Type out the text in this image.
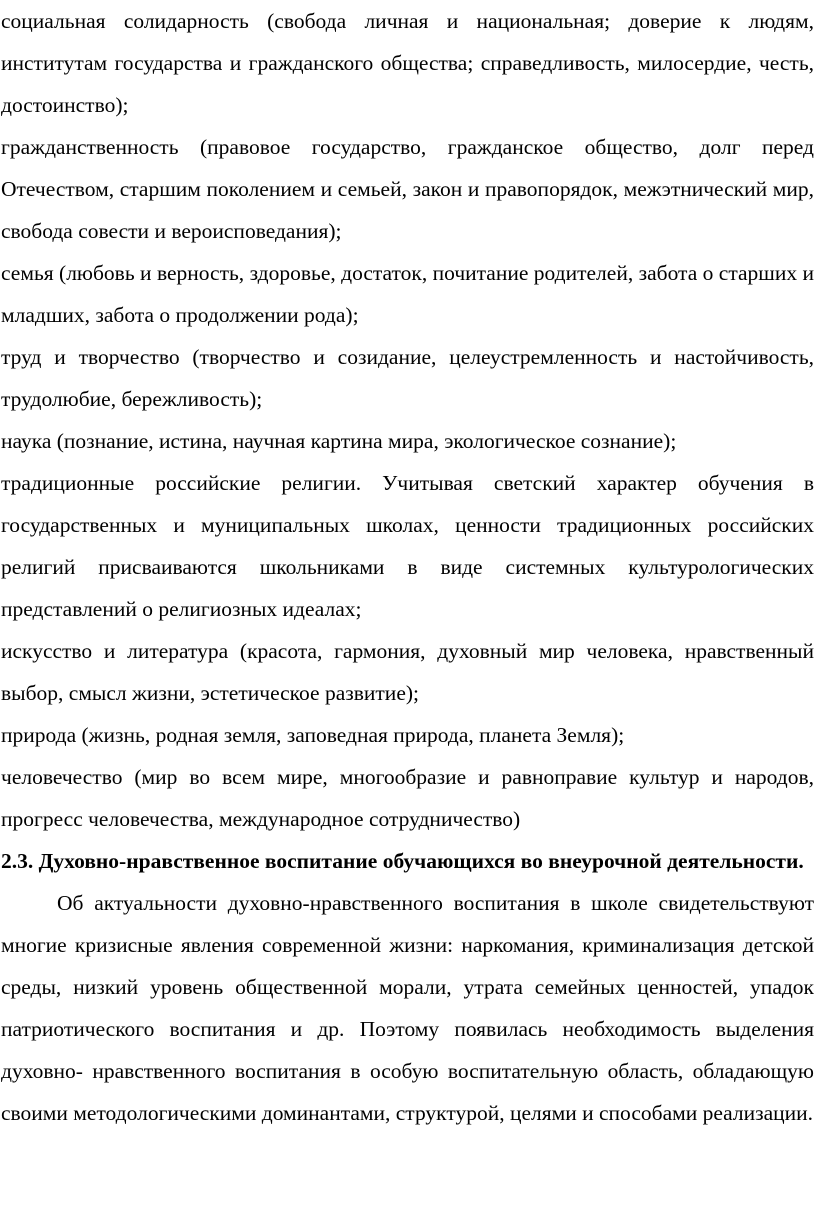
социальная солидарность (свобода личная и национальная; доверие к людям, институтам государства и гражданского общества; справедливость, милосердие, честь, достоинство);

гражданственность (правовое государство, гражданское общество, долг перед Отечеством, старшим поколением и семьей, закон и правопорядок, межэтнический мир, свобода совести и вероисповедания);

семья (любовь и верность, здоровье, достаток, почитание родителей, забота о старших и младших, забота о продолжении рода);

труд и творчество (творчество и созидание, целеустремленность и настойчивость, трудолюбие, бережливость);

наука (познание, истина, научная картина мира, экологическое сознание);

традиционные российские религии. Учитывая светский характер обучения в государственных и муниципальных школах, ценности традиционных российских религий присваиваются школьниками в виде системных культурологических представлений о религиозных идеалах;

искусство и литература (красота, гармония, духовный мир человека, нравственный выбор, смысл жизни, эстетическое развитие);

природа (жизнь, родная земля, заповедная природа, планета Земля);

человечество (мир во всем мире, многообразие и равноправие культур и народов, прогресс человечества, международное сотрудничество)

2.3. Духовно-нравственное воспитание обучающихся во внеурочной деятельности.

Об актуальности духовно-нравственного воспитания в школе свидетельствуют многие кризисные явления современной жизни: наркомания, криминализация детской среды, низкий уровень общественной морали, утрата семейных ценностей, упадок патриотического воспитания и др. Поэтому появилась необходимость выделения духовно- нравственного воспитания в особую воспитательную область, обладающую своими методологическими доминантами, структурой, целями и способами реализации.
